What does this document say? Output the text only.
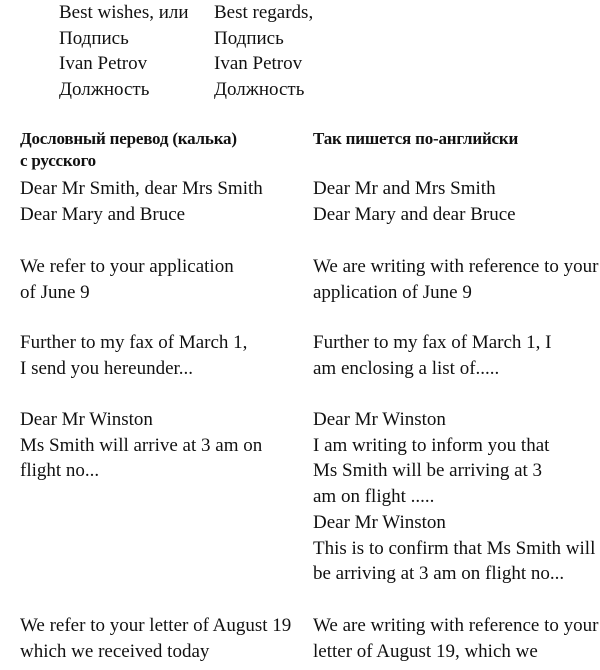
Best wishes, или
Подпись
Ivan Petrov
Должность
Best regards,
Подпись
Ivan Petrov
Должность
Дословный перевод (калька)
с русского
Так пишется по-английски
Dear Mr Smith, dear Mrs Smith
Dear Mary and Bruce
Dear Mr and Mrs Smith
Dear Mary and dear Bruce
We refer to your application
of June 9
We are writing with reference to your
application of June 9
Further to my fax of March 1,
I send you hereunder...
Further to my fax of March 1, I
am enclosing a list of.....
Dear Mr Winston
Ms Smith will arrive at 3 am on
flight no...
Dear Mr Winston
I am writing to inform you that
Ms Smith will be arriving at 3
am on flight .....
Dear Mr Winston
This is to confirm that Ms Smith will
be arriving at 3 am on flight no...
We refer to your letter of August 19
which we received today
We are writing with reference to your
letter of August 19, which we
